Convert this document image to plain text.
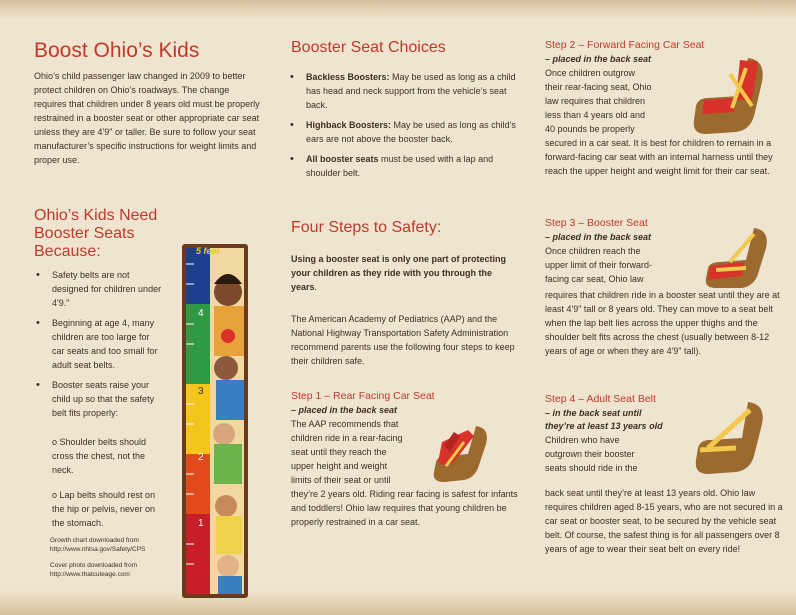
Boost Ohio’s Kids

Ohio’s child passenger law changed in 2009 to better protect children on Ohio’s roadways. The change requires that children under 8 years old must be properly restrained in a booster seat or other appropriate car seat unless they are 4'9" or taller. Be sure to follow your seat manufacturer’s specific instructions for weight limits and proper use.

Ohio’s Kids Need
Booster Seats
Because:
• Safety belts are not designed for children under 4'9."
• Beginning at age 4, many children are too large for car seats and too small for adult seat belts.
• Booster seats raise your child up so that the safety belt fits properly:

o Shoulder belts should cross the chest, not the neck.

o Lap belts should rest on the hip or pelvis, never on the stomach.

Growth chart downloaded from

http://www.nhtsa.gov/Safety/CPS

Cover photo downloaded from

http://www.thatcuteage.com

5 feet
4
3
2
1
Booster Seat Choices
• Backless Boosters: May be used as long as a child has head and neck support from the vehicle’s seat back.
• Highback Boosters: May be used as long as child’s ears are not above the booster back.
• All booster seats must be used with a lap and shoulder belt.
Four Steps to Safety:

Using a booster seat is only one part of protecting your children as they ride with you through the years.

The American Academy of Pediatrics (AAP) and the National Highway Transportation Safety Administration recommend parents use the following four steps to keep their children safe.

Step 1 – Rear Facing Car Seat

– placed in the back seat

The AAP recommends that

children ride in a rear-facing

seat until they reach the

upper height and weight

limits of their seat or until

they’re 2 years old. Riding rear facing is safest for infants and toddlers! Ohio law requires that young children be properly restrained in a car seat.

Step 2 – Forward Facing Car Seat

– placed in the back seat

Once children outgrow

their rear-facing seat, Ohio

law requires that children

less than 4 years old and

40 pounds be properly

secured in a car seat. It is best for children to remain in a forward-facing car seat with an internal harness until they reach the upper height and weight limit for their car seat.

Step 3 – Booster Seat

– placed in the back seat

Once children reach the

upper limit of their forward-

facing car seat, Ohio law

requires that children ride in a booster seat until they are at least 4'9" tall or 8 years old. They can move to a seat belt when the lap belt lies across the upper thighs and the shoulder belt fits across the chest (usually between 8-12 years of age or when they are 4'9" tall).

Step 4 – Adult Seat Belt

– in the back seat until

they’re at least 13 years old

Children who have

outgrown their booster

seats should ride in the

back seat until they’re at least 13 years old. Ohio law requires children aged 8-15 years, who are not secured in a car seat or booster seat, to be secured by the vehicle seat belt. Of course, the safest thing is for all passengers over 8 years of age to wear their seat belt on every ride!
